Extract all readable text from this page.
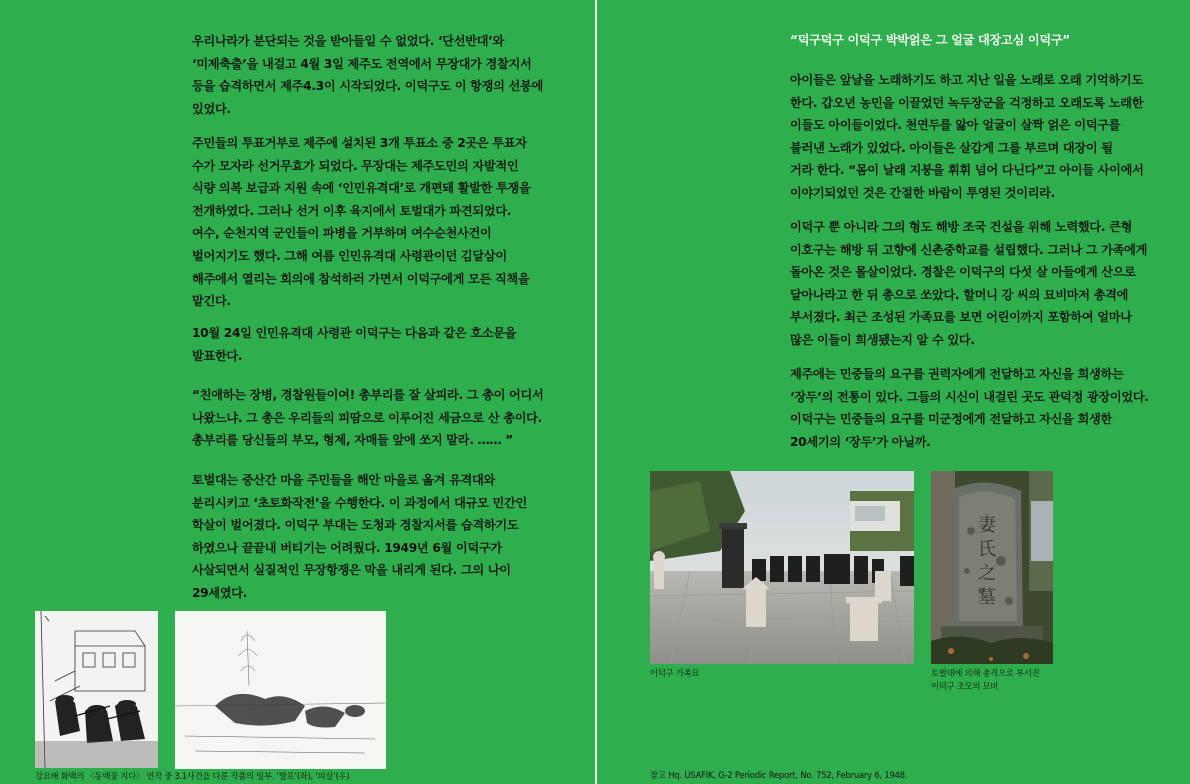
우리나라가 분단되는 것을 받아들일 수 없었다. ‘단선반대’와
‘미제축출’을 내걸고 4월 3일 제주도 전역에서 무장대가 경찰지서
등을 습격하면서 제주4.3이 시작되었다. 이덕구도 이 항쟁의 선봉에
있었다.
주민들의 투표거부로 제주에 설치된 3개 투표소 중 2곳은 투표자
수가 모자라 선거무효가 되었다. 무장대는 제주도민의 자발적인
식량 의복 보급과 지원 속에 ‘인민유격대’로 개편돼 활발한 투쟁을
전개하였다. 그러나 선거 이후 육지에서 토벌대가 파견되었다.
여수, 순천지역 군인들이 파병을 거부하며 여수순천사건이
벌어지기도 했다. 그해 여름 인민유격대 사령관이던 김달삼이
해주에서 열리는 회의에 참석하러 가면서 이덕구에게 모든 직책을
맡긴다.
10월 24일 인민유격대 사령관 이덕구는 다음과 같은 호소문을
발표한다.
“친애하는 장병, 경찰원들이여! 총부리를 잘 살피라. 그 총이 어디서
나왔느냐. 그 총은 우리들의 피땀으로 이루어진 세금으로 산 총이다.
총부리를 당신들의 부모, 형제, 자매들 앞에 쏘지 말라. …… ”
토벌대는 중산간 마을 주민들을 해안 마을로 옮겨 유격대와
분리시키고 ‘초토화작전’을 수행한다. 이 과정에서 대규모 민간인
학살이 벌어졌다. 이덕구 부대는 도청과 경찰지서를 습격하기도
하였으나 끝끝내 버티기는 어려웠다. 1949년 6월 이덕구가
사살되면서 실질적인 무장항쟁은 막을 내리게 된다. 그의 나이
29세였다.
강요배 화백의 〈동백꽃 지다〉 연작 중 3.1사건을 다룬 작품의 일부. ‘발포’(좌), ‘피살’(우)
“덕구덕구 이덕구 박박얽은 그 얼굴 대장고심 이덕구”
아이들은 앞날을 노래하기도 하고 지난 일을 노래로 오래 기억하기도
한다. 갑오년 농민을 이끌었던 녹두장군을 걱정하고 오래도록 노래한
이들도 아이들이었다. 천연두를 앓아 얼굴이 살짝 얽은 이덕구를
불러낸 노래가 있었다. 아이들은 살갑게 그를 부르며 대장이 될
거라 한다. “몸이 날래 지붕을 휘휘 넘어 다닌다”고 아이들 사이에서
이야기되었던 것은 간절한 바람이 투영된 것이리라.
이덕구 뿐 아니라 그의 형도 해방 조국 건설을 위해 노력했다. 큰형
이호구는 해방 뒤 고향에 신촌중학교를 설립했다. 그러나 그 가족에게
돌아온 것은 몰살이었다. 경찰은 이덕구의 다섯 살 아들에게 산으로
달아나라고 한 뒤 총으로 쏘았다. 할머니 강 씨의 묘비마저 총격에
부서졌다. 최근 조성된 가족묘를 보면 어린이까지 포함하여 얼마나
많은 이들이 희생됐는지 알 수 있다.
제주에는 민중들의 요구를 권력자에게 전달하고 자신을 희생하는
‘장두’의 전통이 있다. 그들의 시신이 내걸린 곳도 관덕정 광장이었다.
이덕구는 민중들의 요구를 미군정에게 전달하고 자신을 희생한
20세기의 ‘장두’가 아닐까.
妻
氏
之
墓
이덕구 가족묘	토벌대에 의해 총격으로 부서진
이덕구 조모의 묘비
참고 Hq. USAFIK, G-2 Periodic Report, No. 752, February 6, 1948.
